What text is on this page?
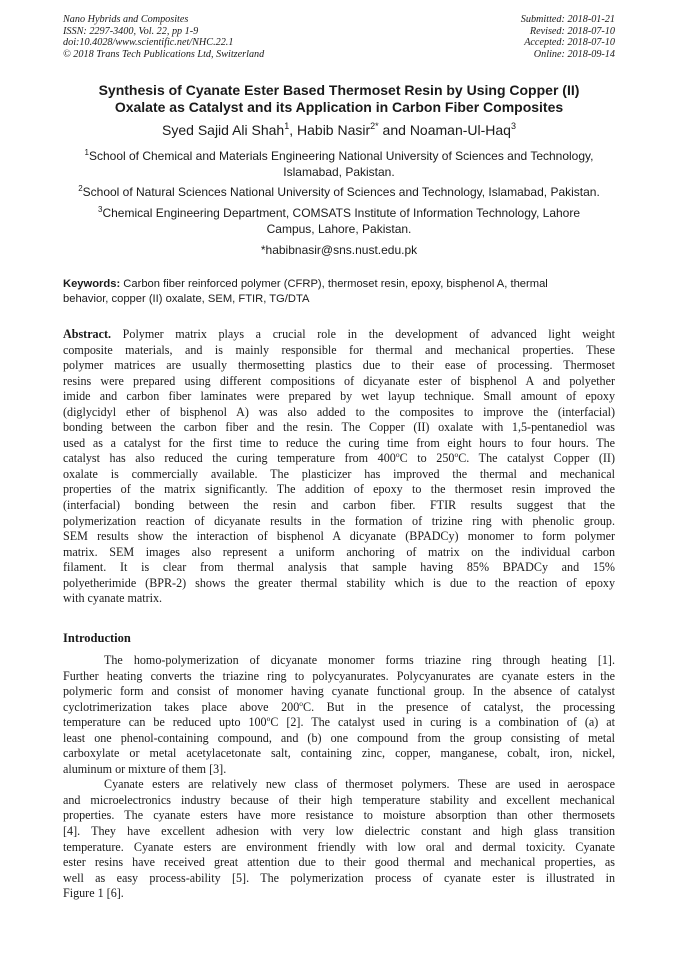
Nano Hybrids and Composites
ISSN: 2297-3400, Vol. 22, pp 1-9
doi:10.4028/www.scientific.net/NHC.22.1
© 2018 Trans Tech Publications Ltd, Switzerland
Submitted: 2018-01-21
Revised: 2018-07-10
Accepted: 2018-07-10
Online: 2018-09-14
Synthesis of Cyanate Ester Based Thermoset Resin by Using Copper (II)
Oxalate as Catalyst and its Application in Carbon Fiber Composites
Syed Sajid Ali Shah$^1$, Habib Nasir$^{2*}$ and Noaman-Ul-Haq$^3$
$^1$School of Chemical and Materials Engineering National University of Sciences and Technology,
Islamabad, Pakistan.
$^2$School of Natural Sciences National University of Sciences and Technology, Islamabad, Pakistan.
$^3$Chemical Engineering Department, COMSATS Institute of Information Technology, Lahore
Campus, Lahore, Pakistan.
*habibnasir@sns.nust.edu.pk
Keywords: Carbon fiber reinforced polymer (CFRP), thermoset resin, epoxy, bisphenol A, thermal
behavior, copper (II) oxalate, SEM, FTIR, TG/DTA
Abstract. Polymer matrix plays a crucial role in the development of advanced light weight
composite materials, and is mainly responsible for thermal and mechanical properties. These
polymer matrices are usually thermosetting plastics due to their ease of processing. Thermoset
resins were prepared using different compositions of dicyanate ester of bisphenol A and polyether
imide and carbon fiber laminates were prepared by wet layup technique. Small amount of epoxy
(diglycidyl ether of bisphenol A) was also added to the composites to improve the (interfacial)
bonding between the carbon fiber and the resin. The Copper (II) oxalate with 1,5-pentanediol was
used as a catalyst for the first time to reduce the curing time from eight hours to four hours. The
catalyst has also reduced the curing temperature from 400$^o$C to 250$^o$C. The catalyst Copper (II)
oxalate is commercially available. The plasticizer has improved the thermal and mechanical
properties of the matrix significantly. The addition of epoxy to the thermoset resin improved the
(interfacial) bonding between the resin and carbon fiber. FTIR results suggest that the
polymerization reaction of dicyanate results in the formation of trizine ring with phenolic group.
SEM results show the interaction of bisphenol A dicyanate (BPADCy) monomer to form polymer
matrix. SEM images also represent a uniform anchoring of matrix on the individual carbon
filament. It is clear from thermal analysis that sample having 85% BPADCy and 15%
polyetherimide (BPR-2) shows the greater thermal stability which is due to the reaction of epoxy
with cyanate matrix.
Introduction
The homo-polymerization of dicyanate monomer forms triazine ring through heating [1].
Further heating converts the triazine ring to polycyanurates. Polycyanurates are cyanate esters in the
polymeric form and consist of monomer having cyanate functional group. In the absence of catalyst
cyclotrimerization takes place above 200$^o$C. But in the presence of catalyst, the processing
temperature can be reduced upto 100$^o$C [2]. The catalyst used in curing is a combination of (a) at
least one phenol-containing compound, and (b) one compound from the group consisting of metal
carboxylate or metal acetylacetonate salt, containing zinc, copper, manganese, cobalt, iron, nickel,
aluminum or mixture of them [3].
Cyanate esters are relatively new class of thermoset polymers. These are used in aerospace
and microelectronics industry because of their high temperature stability and excellent mechanical
properties. The cyanate esters have more resistance to moisture absorption than other thermosets
[4]. They have excellent adhesion with very low dielectric constant and high glass transition
temperature. Cyanate esters are environment friendly with low oral and dermal toxicity. Cyanate
ester resins have received great attention due to their good thermal and mechanical properties, as
well as easy process-ability [5]. The polymerization process of cyanate ester is illustrated in
Figure 1 [6].
